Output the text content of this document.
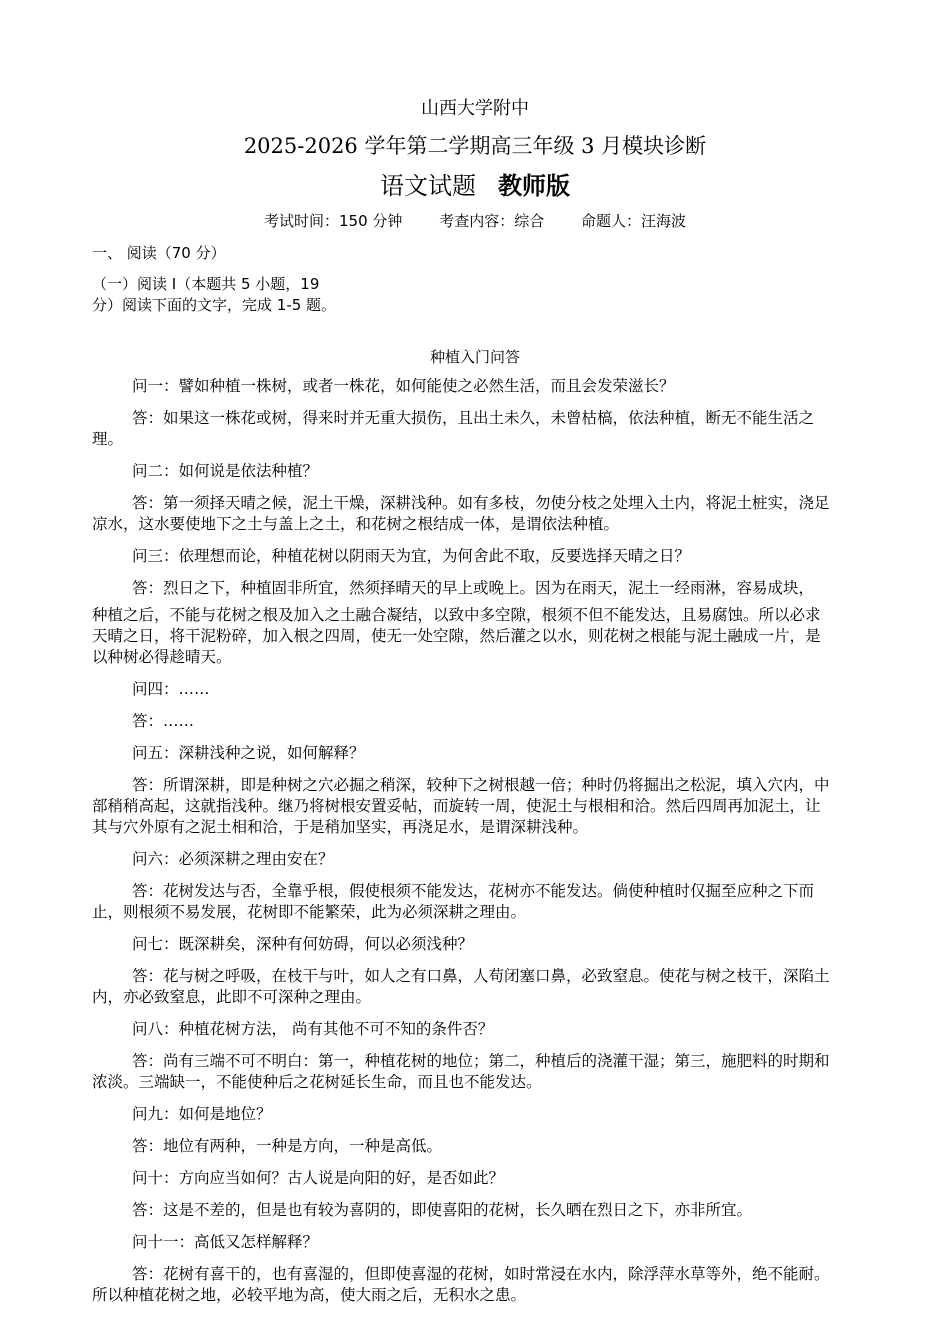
山西大学附中
2025-2026 学年第二学期高三年级 3 月模块诊断
语文试题 教师版
考试时间：150 分钟 考查内容：综合 命题人：汪海波
一、 阅读（70 分）
（一）阅读 I（本题共 5 小题，19 分）阅读下面的文字，完成 1-5 题。
种植入门问答

问一：譬如种植一株树，或者一株花，如何能使之必然生活，而且会发荣滋长？

答：如果这一株花或树，得来时并无重大损伤，且出土未久，未曾枯槁，依法种植，断无不能生活之理。

问二：如何说是依法种植？

答：第一须择天晴之候，泥土干燥，深耕浅种。如有多枝，勿使分枝之处埋入土内，将泥土桩实，浇足凉水，这水要使地下之土与盖上之土，和花树之根结成一体，是谓依法种植。

问三：依理想而论，种植花树以阴雨天为宜，为何舍此不取，反要选择天晴之日？

答：烈日之下，种植固非所宜，然须择晴天的早上或晚上。因为在雨天，泥土一经雨淋，容易成块，

种植之后，不能与花树之根及加入之土融合凝结，以致中多空隙，根须不但不能发达，且易腐蚀。所以必求天晴之日，将干泥粉碎，加入根之四周，使无一处空隙，然后灌之以水，则花树之根能与泥土融成一片，是以种树必得趁晴天。

问四：……

答：……

问五：深耕浅种之说，如何解释？

答：所谓深耕，即是种树之穴必掘之稍深，较种下之树根越一倍；种时仍将掘出之松泥，填入穴内，中部稍稍高起，这就指浅种。继乃将树根安置妥帖，而旋转一周，使泥土与根相和洽。然后四周再加泥土，让其与穴外原有之泥土相和洽，于是稍加坚实，再浇足水，是谓深耕浅种。

问六：必须深耕之理由安在？

答：花树发达与否，全靠乎根，假使根须不能发达，花树亦不能发达。倘使种植时仅掘至应种之下而止，则根须不易发展，花树即不能繁荣，此为必须深耕之理由。

问七：既深耕矣，深种有何妨碍，何以必须浅种？

答：花与树之呼吸，在枝干与叶，如人之有口鼻，人苟闭塞口鼻，必致窒息。使花与树之枝干，深陷土内，亦必致窒息，此即不可深种之理由。

问八：种植花树方法， 尚有其他不可不知的条件否？

答：尚有三端不可不明白：第一，种植花树的地位；第二，种植后的浇灌干湿；第三，施肥料的时期和浓淡。三端缺一，不能使种后之花树延长生命，而且也不能发达。

问九：如何是地位？

答：地位有两种，一种是方向，一种是高低。

问十：方向应当如何？古人说是向阳的好，是否如此？

答：这是不差的，但是也有较为喜阴的，即使喜阳的花树，长久晒在烈日之下，亦非所宜。

问十一：高低又怎样解释？

答：花树有喜干的，也有喜湿的，但即使喜湿的花树，如时常浸在水内，除浮萍水草等外，绝不能耐。所以种植花树之地，必较平地为高，使大雨之后，无积水之患。
